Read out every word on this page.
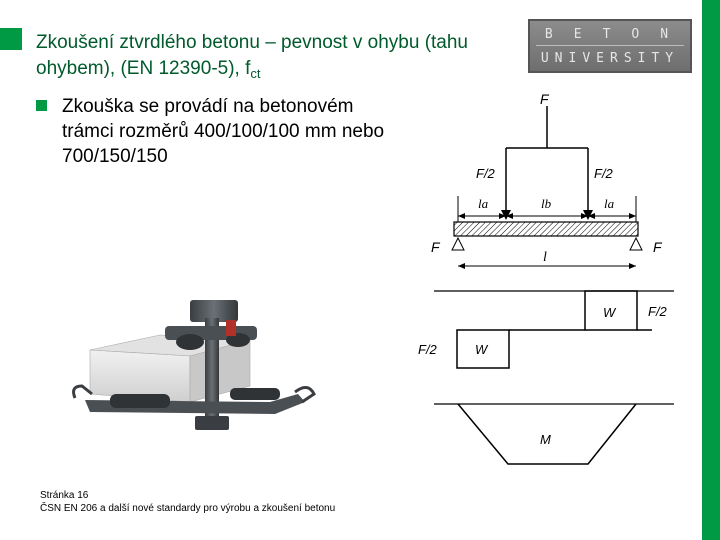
Zkoušení ztvrdlého betonu – pevnost v ohybu (tahu ohybem), (EN 12390-5), $f_{ct}$
Zkouška se provádí na betonovém trámci rozměrů 400/100/100 mm nebo 700/150/150
BETON
UNIVERSITY
F
F/2	F/2
la	lb	la
F	F
l
W	F/2
F/2	W
M
Stránka 16
ČSN EN 206 a další nové standardy pro výrobu a zkoušení betonu
